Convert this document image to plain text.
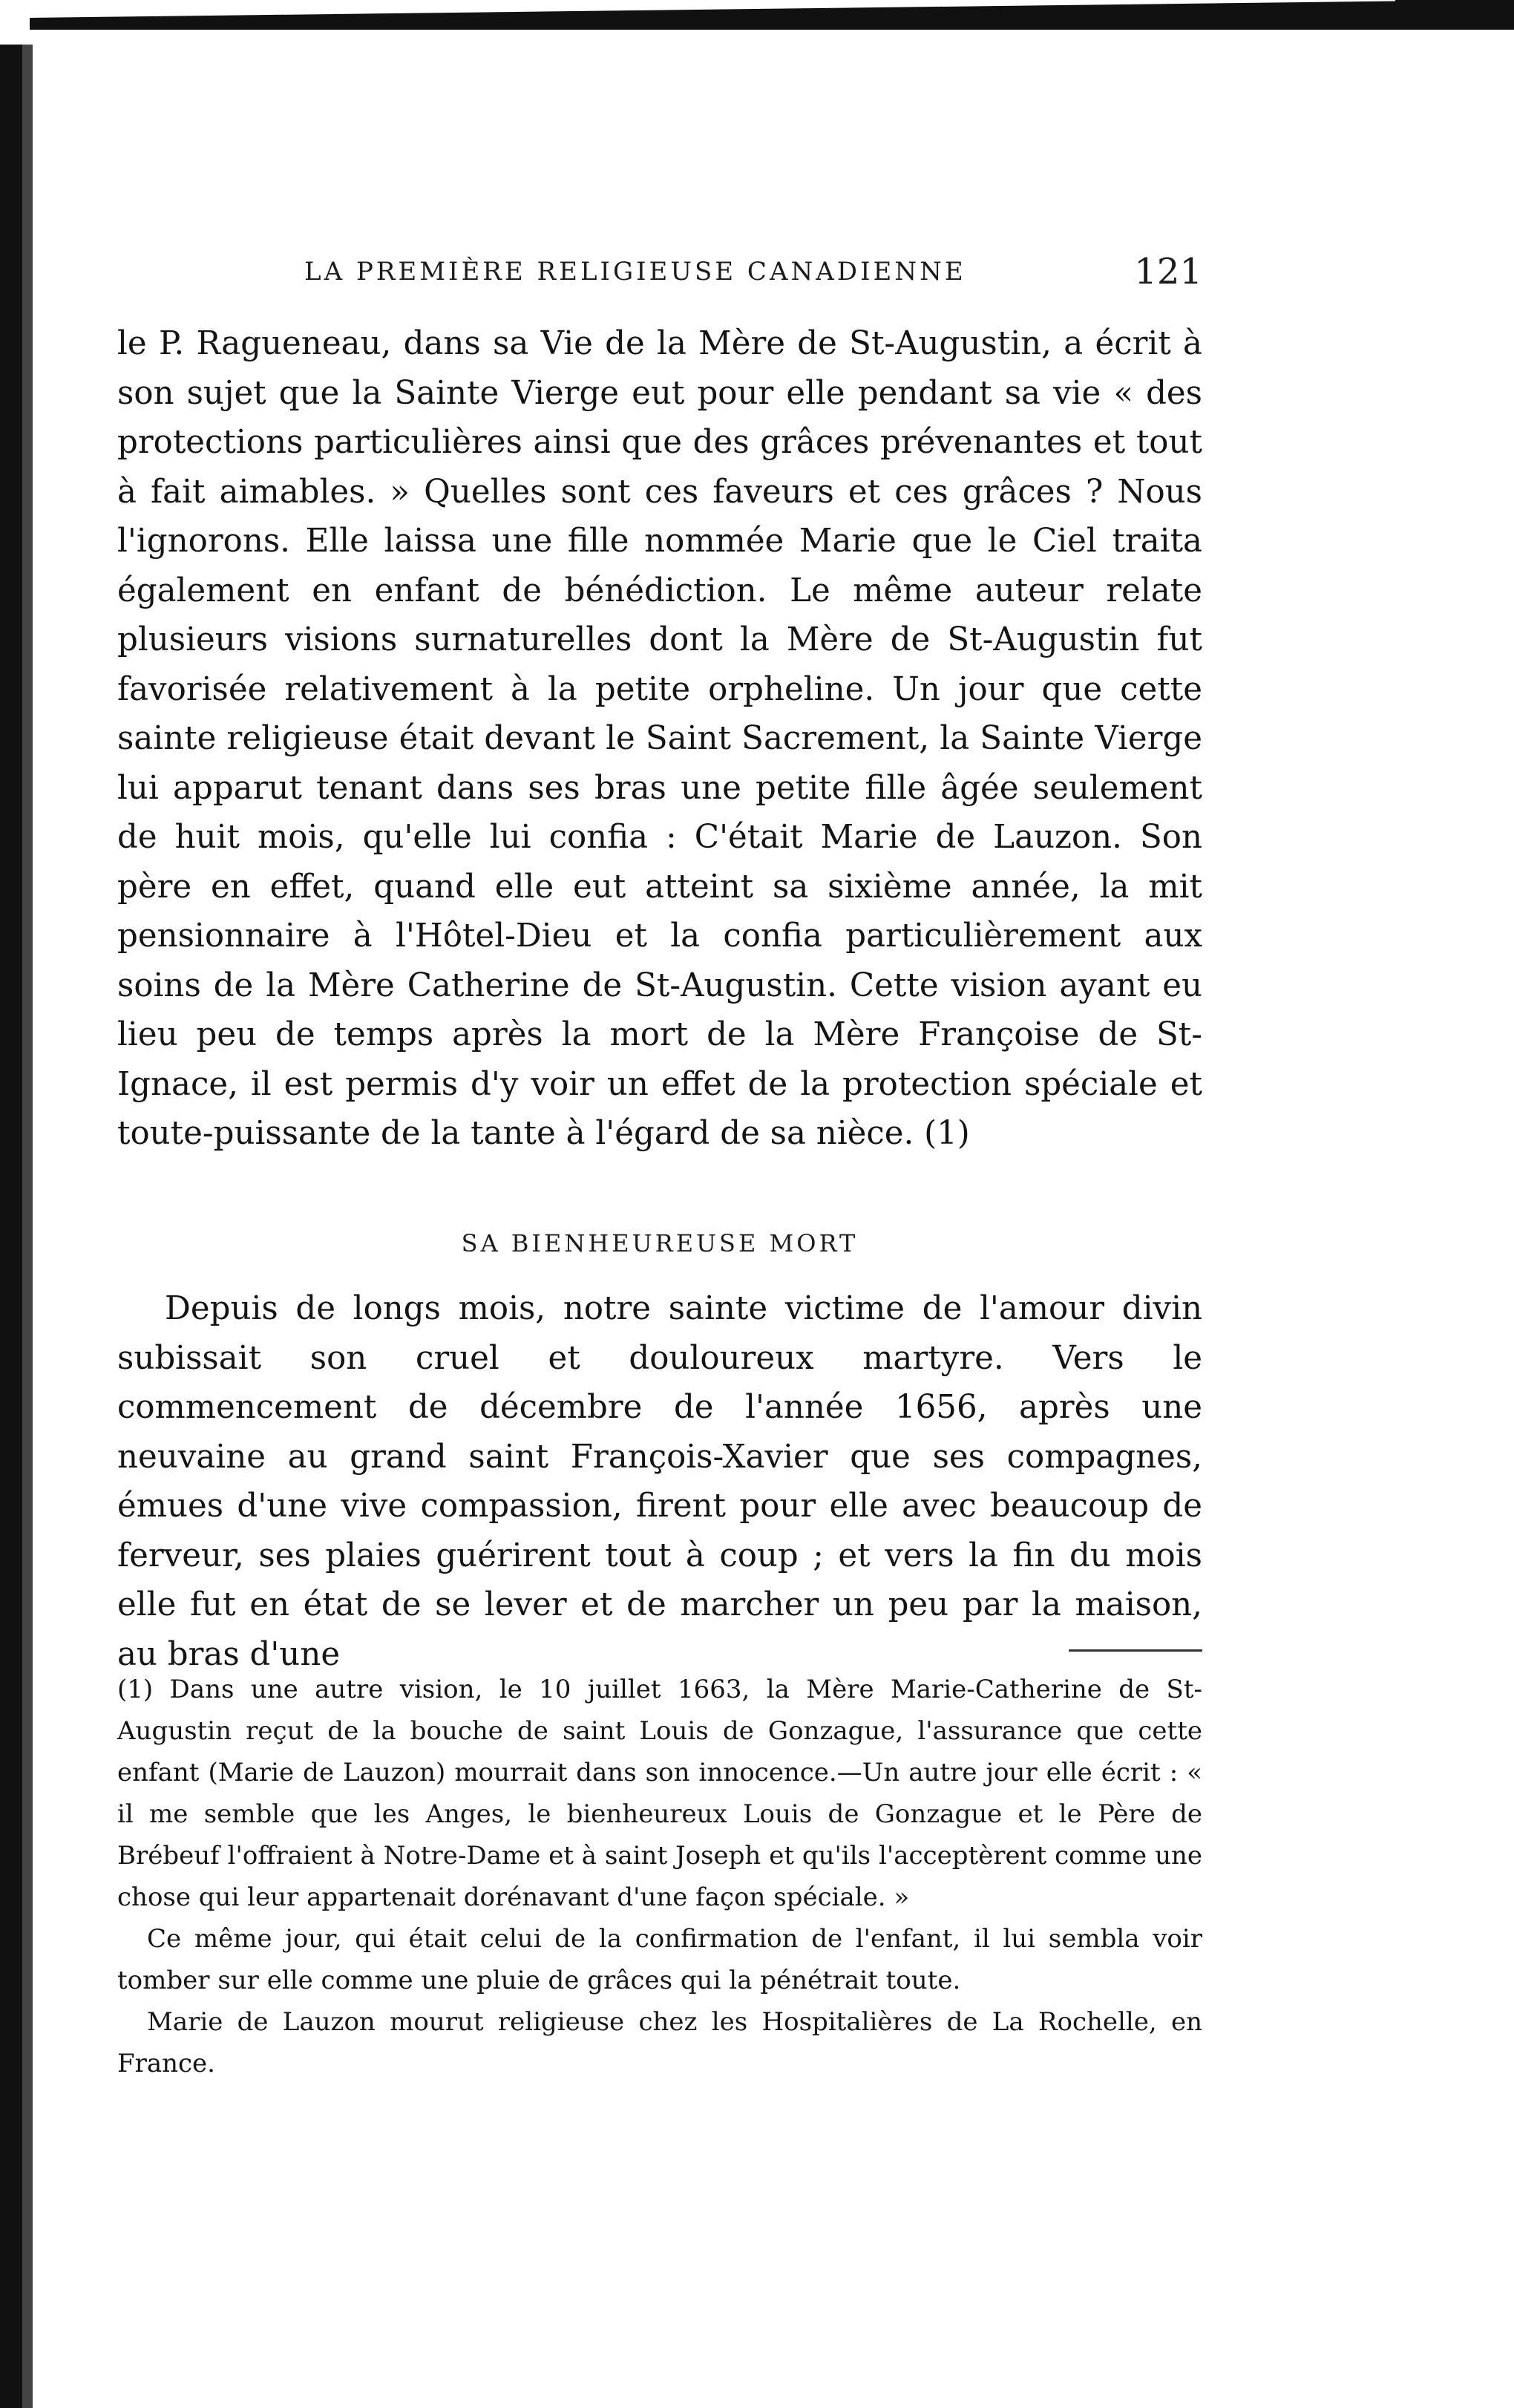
LA PREMIÈRE RELIGIEUSE CANADIENNE	121

le P. Ragueneau, dans sa Vie de la Mère de St-Augustin, a écrit à son sujet que la Sainte Vierge eut pour elle pendant sa vie « des protections particulières ainsi que des grâces prévenantes et tout à fait aimables. » Quelles sont ces faveurs et ces grâces ? Nous l'ignorons. Elle laissa une fille nommée Marie que le Ciel traita également en enfant de bénédiction. Le même auteur relate plusieurs visions surnaturelles dont la Mère de St-Augustin fut favorisée relativement à la petite orpheline. Un jour que cette sainte religieuse était devant le Saint Sacrement, la Sainte Vierge lui apparut tenant dans ses bras une petite fille âgée seulement de huit mois, qu'elle lui confia : C'était Marie de Lauzon. Son père en effet, quand elle eut atteint sa sixième année, la mit pensionnaire à l'Hôtel-Dieu et la confia particulièrement aux soins de la Mère Catherine de St-Augustin. Cette vision ayant eu lieu peu de temps après la mort de la Mère Françoise de St-Ignace, il est permis d'y voir un effet de la protection spéciale et toute-puissante de la tante à l'égard de sa nièce. (1)

SA BIENHEUREUSE MORT

Depuis de longs mois, notre sainte victime de l'amour divin subissait son cruel et douloureux martyre. Vers le commencement de décembre de l'année 1656, après une neuvaine au grand saint François-Xavier que ses compagnes, émues d'une vive compassion, firent pour elle avec beaucoup de ferveur, ses plaies guérirent tout à coup ; et vers la fin du mois elle fut en état de se lever et de marcher un peu par la maison, au bras d'une

(1) Dans une autre vision, le 10 juillet 1663, la Mère Marie-Catherine de St-Augustin reçut de la bouche de saint Louis de Gonzague, l'assurance que cette enfant (Marie de Lauzon) mourrait dans son innocence.—Un autre jour elle écrit : « il me semble que les Anges, le bienheureux Louis de Gonzague et le Père de Brébeuf l'offraient à Notre-Dame et à saint Joseph et qu'ils l'acceptèrent comme une chose qui leur appartenait dorénavant d'une façon spéciale. »

Ce même jour, qui était celui de la confirmation de l'enfant, il lui sembla voir tomber sur elle comme une pluie de grâces qui la pénétrait toute.

Marie de Lauzon mourut religieuse chez les Hospitalières de La Rochelle, en France.
